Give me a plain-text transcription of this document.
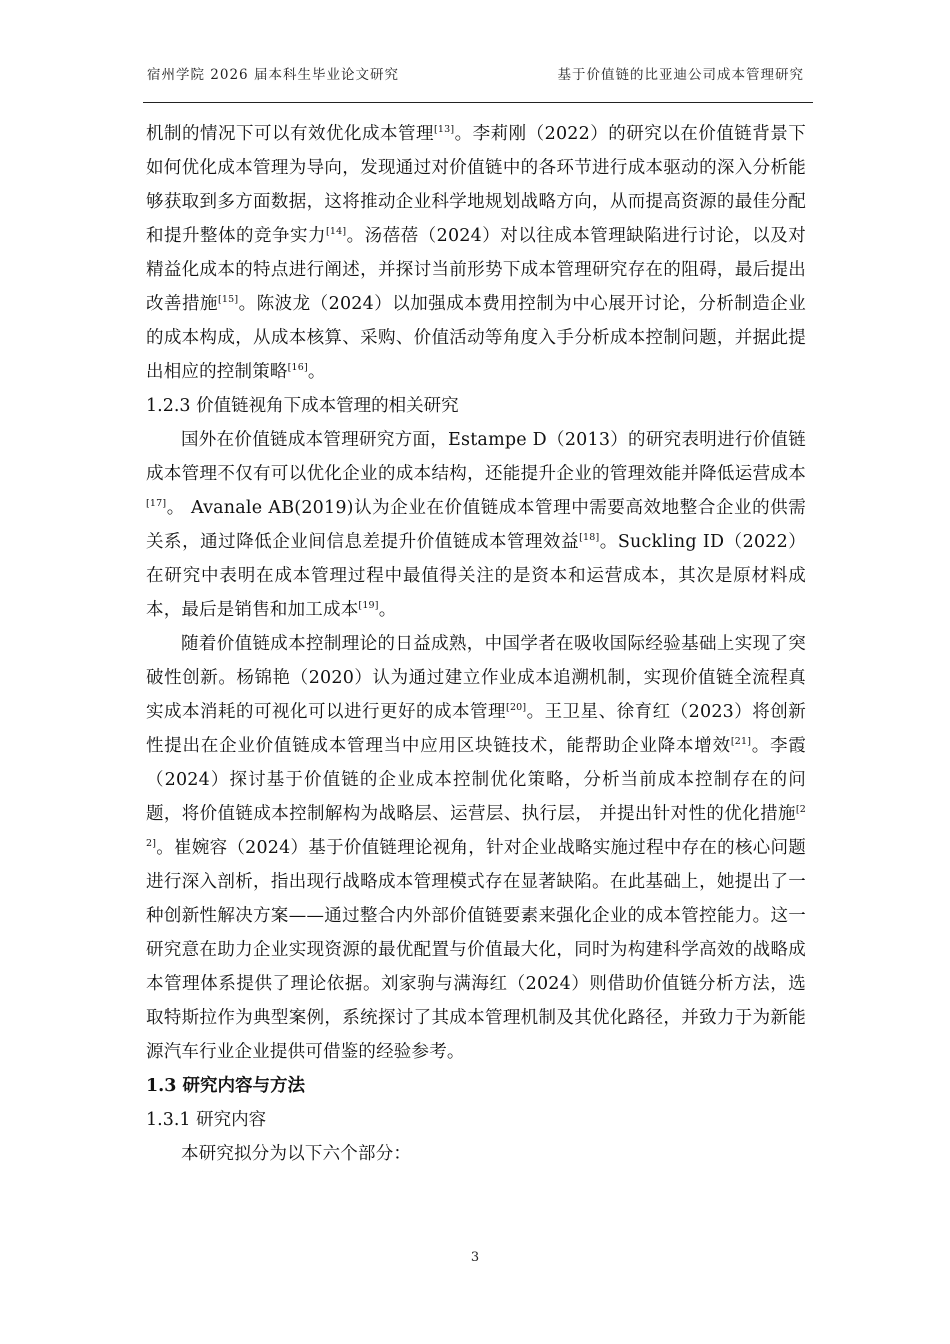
宿州学院 2026 届本科生毕业论文研究	基于价值链的比亚迪公司成本管理研究

机制的情况下可以有效优化成本管理[13]。李莉刚（2022）的研究以在价值链背景下如何优化成本管理为导向，发现通过对价值链中的各环节进行成本驱动的深入分析能够获取到多方面数据，这将推动企业科学地规划战略方向，从而提高资源的最佳分配和提升整体的竞争实力[14]。汤蓓蓓（2024）对以往成本管理缺陷进行讨论，以及对精益化成本的特点进行阐述，并探讨当前形势下成本管理研究存在的阻碍，最后提出改善措施[15]。陈波龙（2024）以加强成本费用控制为中心展开讨论，分析制造企业的成本构成，从成本核算、采购、价值活动等角度入手分析成本控制问题，并据此提出相应的控制策略[16]。

1.2.3 价值链视角下成本管理的相关研究

国外在价值链成本管理研究方面，Estampe D（2013）的研究表明进行价值链成本管理不仅有可以优化企业的成本结构，还能提升企业的管理效能并降低运营成本[17]。 Avanale AB(2019)认为企业在价值链成本管理中需要高效地整合企业的供需关系，通过降低企业间信息差提升价值链成本管理效益[18]。Suckling ID（2022）在研究中表明在成本管理过程中最值得关注的是资本和运营成本，其次是原材料成本，最后是销售和加工成本[19]。

随着价值链成本控制理论的日益成熟，中国学者在吸收国际经验基础上实现了突破性创新。杨锦艳（2020）认为通过建立作业成本追溯机制，实现价值链全流程真实成本消耗的可视化可以进行更好的成本管理[20]。王卫星、徐育红（2023）将创新性提出在企业价值链成本管理当中应用区块链技术，能帮助企业降本增效[21]。李霞（2024）探讨基于价值链的企业成本控制优化策略，分析当前成本控制存在的问题，将价值链成本控制解构为战略层、运营层、执行层， 并提出针对性的优化措施[22]。崔婉容（2024）基于价值链理论视角，针对企业战略实施过程中存在的核心问题进行深入剖析，指出现行战略成本管理模式存在显著缺陷。在此基础上，她提出了一种创新性解决方案——通过整合内外部价值链要素来强化企业的成本管控能力。这一研究意在助力企业实现资源的最优配置与价值最大化，同时为构建科学高效的战略成本管理体系提供了理论依据。刘家驹与满海红（2024）则借助价值链分析方法，选取特斯拉作为典型案例，系统探讨了其成本管理机制及其优化路径，并致力于为新能源汽车行业企业提供可借鉴的经验参考。

1.3 研究内容与方法

1.3.1 研究内容

本研究拟分为以下六个部分：

3
